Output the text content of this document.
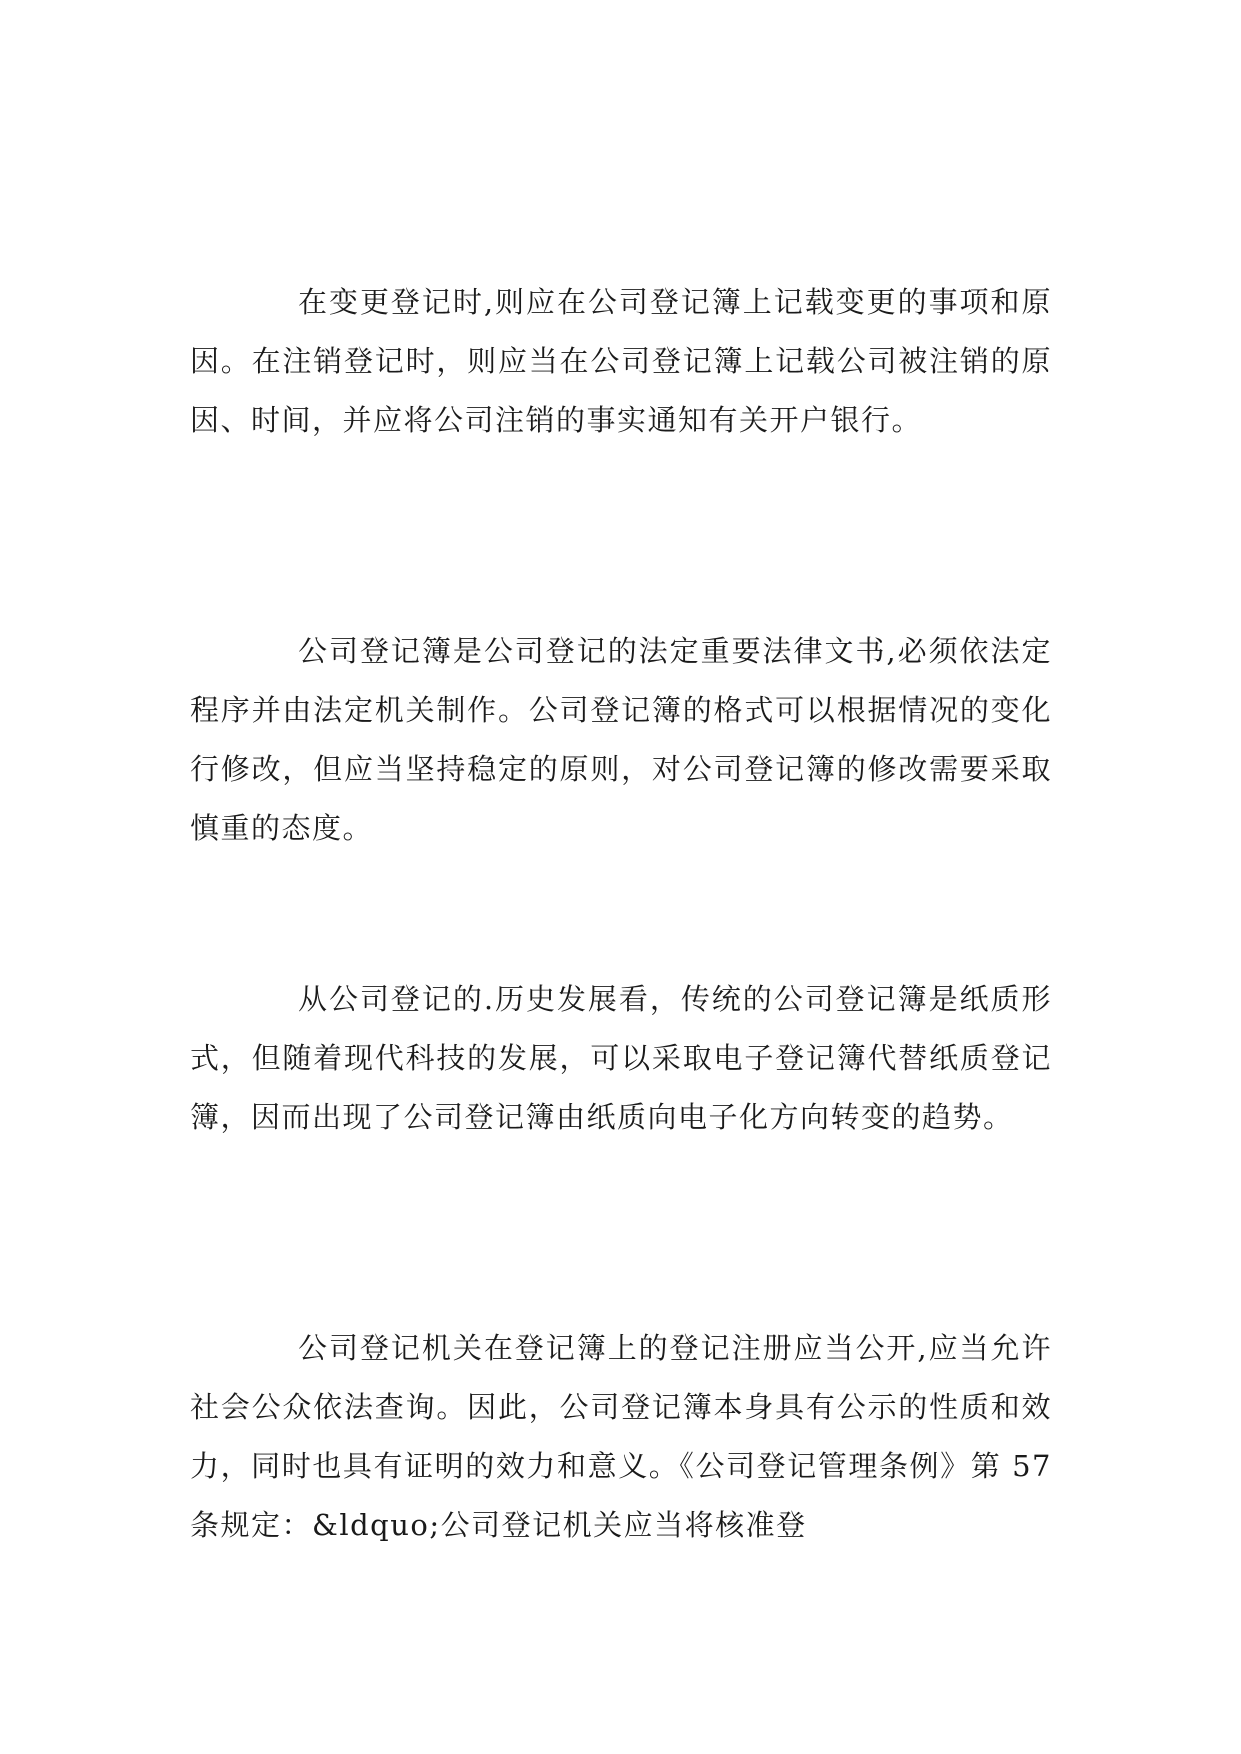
在变更登记时,则应在公司登记簿上记载变更的事项和原因。在注销登记时，则应当在公司登记簿上记载公司被注销的原因、时间，并应将公司注销的事实通知有关开户银行。

公司登记簿是公司登记的法定重要法律文书,必须依法定程序并由法定机关制作。公司登记簿的格式可以根据情况的变化行修改，但应当坚持稳定的原则，对公司登记簿的修改需要采取慎重的态度。

从公司登记的.历史发展看，传统的公司登记簿是纸质形式，但随着现代科技的发展，可以采取电子登记簿代替纸质登记簿，因而出现了公司登记簿由纸质向电子化方向转变的趋势。

公司登记机关在登记簿上的登记注册应当公开,应当允许社会公众依法查询。因此，公司登记簿本身具有公示的性质和效力，同时也具有证明的效力和意义。《公司登记管理条例》第 57 条规定：&ldquo;公司登记机关应当将核准登
